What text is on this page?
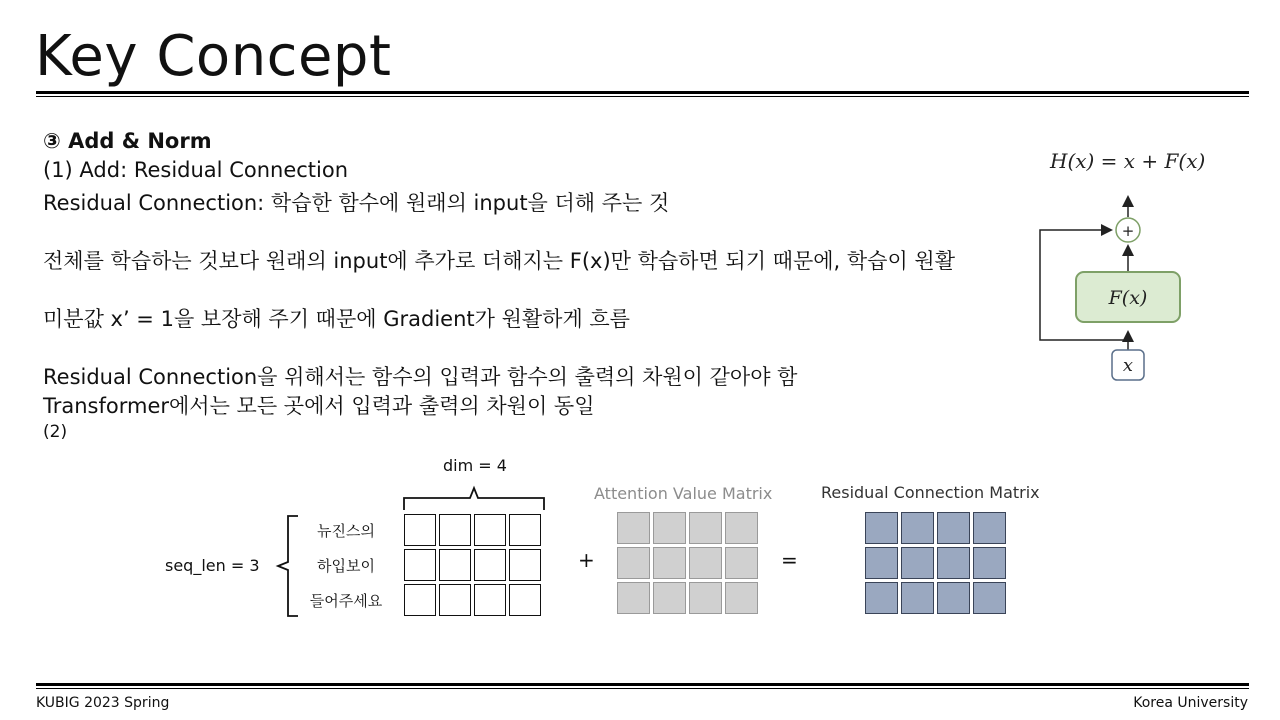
Key Concept
③ Add & Norm
(1) Add: Residual Connection
Residual Connection: 학습한 함수에 원래의 input을 더해 주는 것
전체를 학습하는 것보다 원래의 input에 추가로 더해지는 F(x)만 학습하면 되기 때문에, 학습이 원활
미분값 x’ = 1을 보장해 주기 때문에 Gradient가 원활하게 흐름
Residual Connection을 위해서는 함수의 입력과 함수의 출력의 차원이 같아야 함
Transformer에서는 모든 곳에서 입력과 출력의 차원이 동일
(2)
H(x) = x + F(x)
+
F(x)
x
dim = 4
seq_len = 3
뉴진스의
하입보이
들어주세요
+
Attention Value Matrix
=
Residual Connection Matrix
KUBIG 2023 Spring	Korea University
